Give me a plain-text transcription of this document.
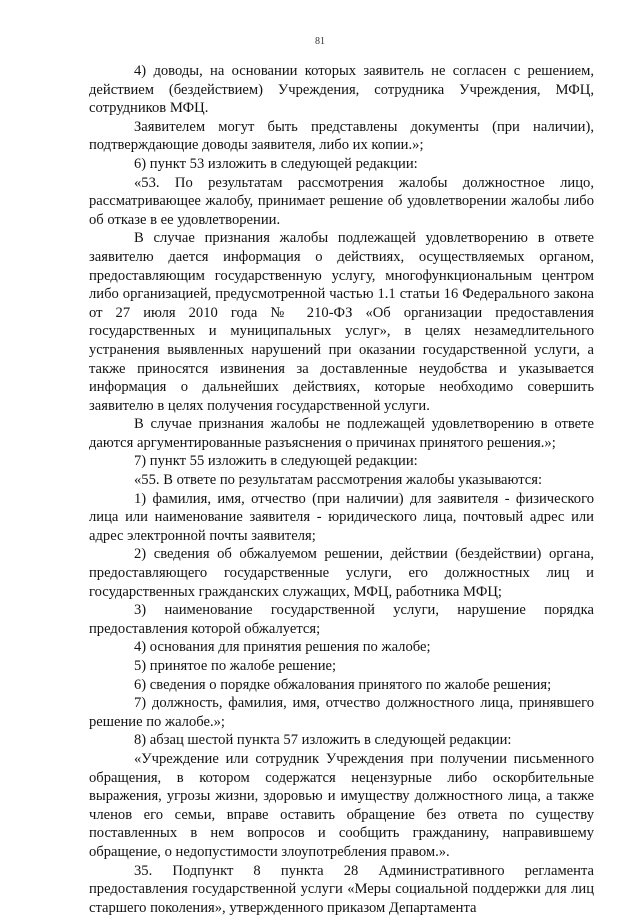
81

4) доводы, на основании которых заявитель не согласен с решением, действием (бездействием) Учреждения, сотрудника Учреждения, МФЦ, сотрудников МФЦ.

Заявителем могут быть представлены документы (при наличии), подтверждающие доводы заявителя, либо их копии.»;

6) пункт 53 изложить в следующей редакции:

«53. По результатам рассмотрения жалобы должностное лицо, рассматривающее жалобу, принимает решение об удовлетворении жалобы либо об отказе в ее удовлетворении.

В случае признания жалобы подлежащей удовлетворению в ответе заявителю дается информация о действиях, осуществляемых органом, предоставляющим государственную услугу, многофункциональным центром либо организацией, предусмотренной частью 1.1 статьи 16 Федерального закона от 27 июля 2010 года № 210-ФЗ «Об организации предоставления государственных и муниципальных услуг», в целях незамедлительного устранения выявленных нарушений при оказании государственной услуги, а также приносятся извинения за доставленные неудобства и указывается информация о дальнейших действиях, которые необходимо совершить заявителю в целях получения государственной услуги.

В случае признания жалобы не подлежащей удовлетворению в ответе даются аргументированные разъяснения о причинах принятого решения.»;

7) пункт 55 изложить в следующей редакции:

«55. В ответе по результатам рассмотрения жалобы указываются:

1) фамилия, имя, отчество (при наличии) для заявителя - физического лица или наименование заявителя - юридического лица, почтовый адрес или адрес электронной почты заявителя;

2) сведения об обжалуемом решении, действии (бездействии) органа, предоставляющего государственные услуги, его должностных лиц и государственных гражданских служащих, МФЦ, работника МФЦ;

3) наименование государственной услуги, нарушение порядка предоставления которой обжалуется;

4) основания для принятия решения по жалобе;

5) принятое по жалобе решение;

6) сведения о порядке обжалования принятого по жалобе решения;

7) должность, фамилия, имя, отчество должностного лица, принявшего решение по жалобе.»;

8) абзац шестой пункта 57 изложить в следующей редакции:

«Учреждение или сотрудник Учреждения при получении письменного обращения, в котором содержатся нецензурные либо оскорбительные выражения, угрозы жизни, здоровью и имуществу должностного лица, а также членов его семьи, вправе оставить обращение без ответа по существу поставленных в нем вопросов и сообщить гражданину, направившему обращение, о недопустимости злоупотребления правом.».

35. Подпункт 8 пункта 28 Административного регламента предоставления государственной услуги «Меры социальной поддержки для лиц старшего поколения», утвержденного приказом Департамента
